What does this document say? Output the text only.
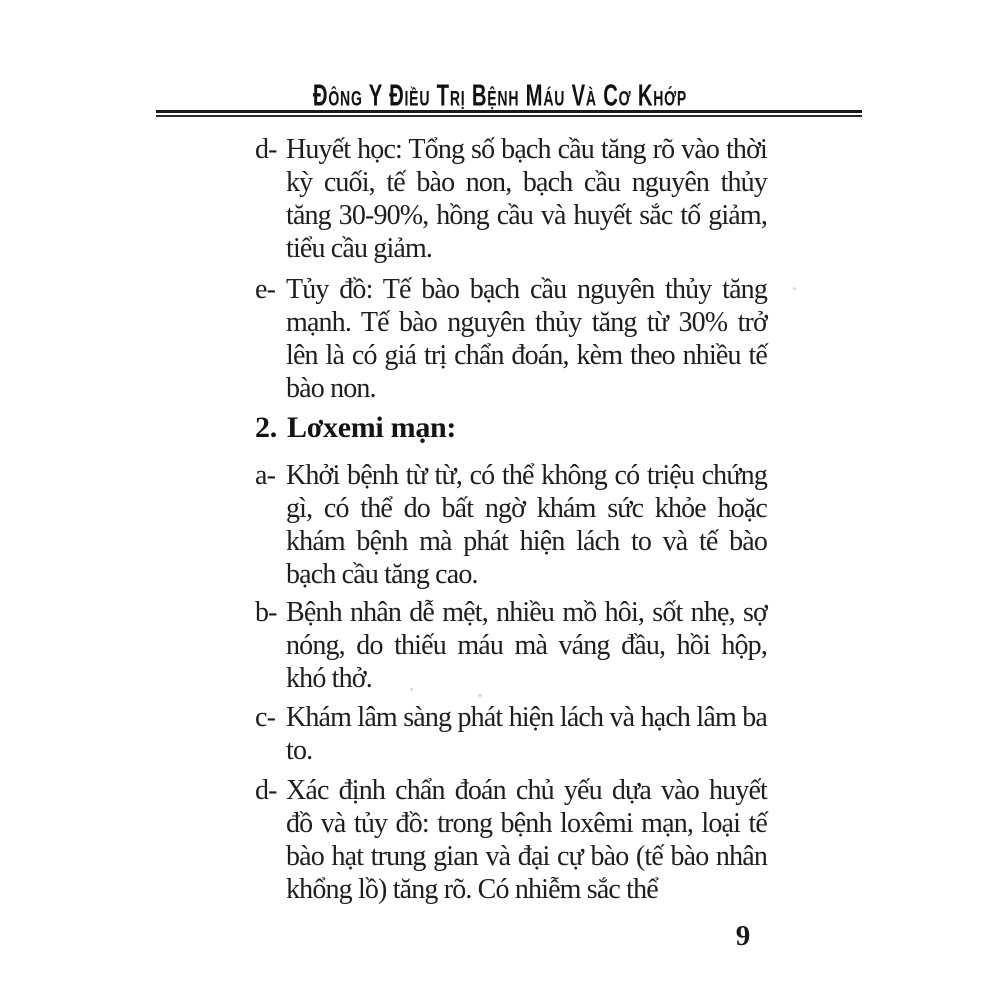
Đông Y Điều Trị Bệnh Máu Và Cơ Khớp
d- Huyết học: Tổng số bạch cầu tăng rõ vào thời kỳ cuối, tế bào non, bạch cầu nguyên thủy tăng 30-90%, hồng cầu và huyết sắc tố giảm, tiểu cầu giảm.
e- Tủy đồ: Tế bào bạch cầu nguyên thủy tăng mạnh. Tế bào nguyên thủy tăng từ 30% trở lên là có giá trị chẩn đoán, kèm theo nhiều tế bào non.
2. Lơxemi mạn:
a- Khởi bệnh từ từ, có thể không có triệu chứng gì, có thể do bất ngờ khám sức khỏe hoặc khám bệnh mà phát hiện lách to và tế bào bạch cầu tăng cao.
b- Bệnh nhân dễ mệt, nhiều mồ hôi, sốt nhẹ, sợ nóng, do thiếu máu mà váng đầu, hồi hộp, khó thở.
c- Khám lâm sàng phát hiện lách và hạch lâm ba to.
d- Xác định chẩn đoán chủ yếu dựa vào huyết đồ và tủy đồ: trong bệnh loxêmi mạn, loại tế bào hạt trung gian và đại cự bào (tế bào nhân khổng lồ) tăng rõ. Có nhiễm sắc thể
9
